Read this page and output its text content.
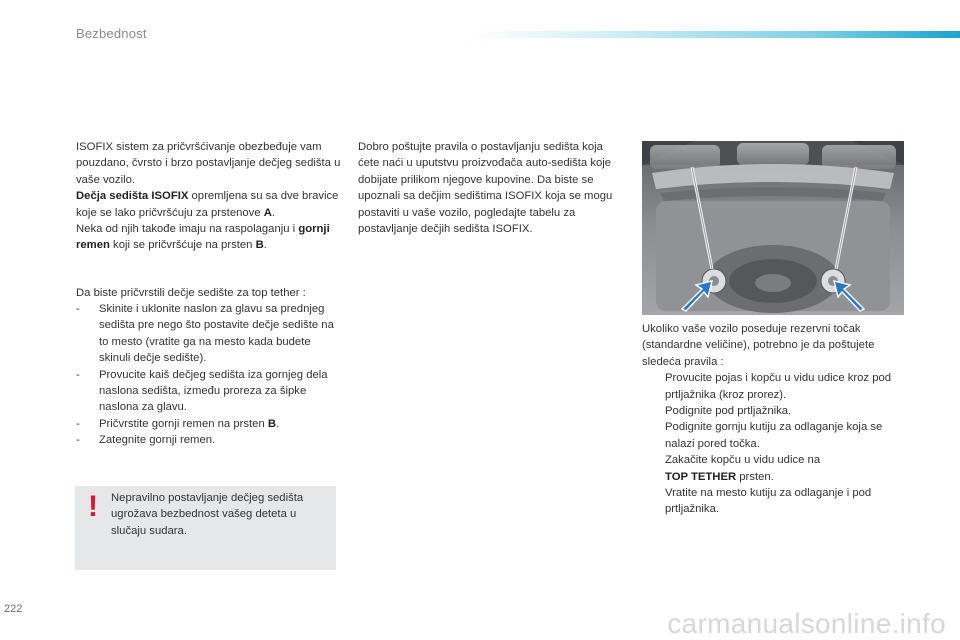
Bezbednost

ISOFIX sistem za pričvršćivanje obezbeđuje vam pouzdano, čvrsto i brzo postavljanje dečjeg sedišta u vaše vozilo.
Dečja sedišta ISOFIX opremljena su sa dve bravice koje se lako pričvršćuju za prstenove A.
Neka od njih takođe imaju na raspolaganju i gornji remen koji se pričvršćuje na prsten B.

Da biste pričvrstili dečje sedište za top tether :

-	Skinite i uklonite naslon za glavu sa prednjeg sedišta pre nego što postavite dečje sedište na to mesto (vratite ga na mesto kada budete skinuli dečje sedište).
-	Provucite kaiš dečjeg sedišta iza gornjeg dela naslona sedišta, između proreza za šipke naslona za glavu.
-	Pričvrstite gornji remen na prsten B.
-	Zategnite gornji remen.
! Nepravilno postavljanje dečjeg sedišta ugrožava bezbednost vašeg deteta u slučaju sudara.

Dobro poštujte pravila o postavljanju sedišta koja ćete naći u uputstvu proizvođača auto-sedišta koje dobijate prilikom njegove kupovine. Da biste se upoznali sa dečjim sedištima ISOFIX koja se mogu postaviti u vaše vozilo, pogledajte tabelu za postavljanje dečjih sedišta ISOFIX.

Ukoliko vaše vozilo poseduje rezervni točak (standardne veličine), potrebno je da poštujete sledeća pravila :

Provucite pojas i kopču u vidu udice kroz pod prtljažnika (kroz prorez).
Podignite pod prtljažnika.
Podignite gornju kutiju za odlaganje koja se nalazi pored točka.
Zakačite kopču u vidu udice na
TOP TETHER prsten.
Vratite na mesto kutiju za odlaganje i pod prtljažnika.
222	carmanualsonline.info
